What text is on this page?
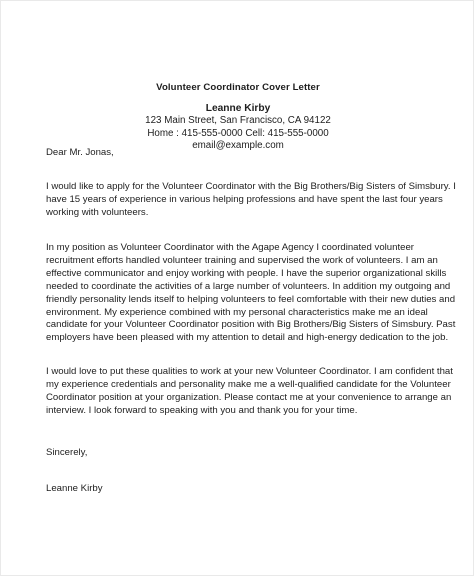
Volunteer Coordinator Cover Letter
Leanne Kirby
123 Main Street, San Francisco, CA 94122
Home : 415-555-0000 Cell: 415-555-0000
email@example.com
Dear Mr. Jonas,
I would like to apply for the Volunteer Coordinator with the Big Brothers/Big Sisters of Simsbury. I
have 15 years of experience in various helping professions and have spent the last four years
working with volunteers.
In my position as Volunteer Coordinator with the Agape Agency I coordinated volunteer
recruitment efforts handled volunteer training and supervised the work of volunteers. I am an
effective communicator and enjoy working with people. I have the superior organizational skills
needed to coordinate the activities of a large number of volunteers. In addition my outgoing and
friendly personality lends itself to helping volunteers to feel comfortable with their new duties and
environment. My experience combined with my personal characteristics make me an ideal
candidate for your Volunteer Coordinator position with Big Brothers/Big Sisters of Simsbury. Past
employers have been pleased with my attention to detail and high-energy dedication to the job.
I would love to put these qualities to work at your new Volunteer Coordinator. I am confident that
my experience credentials and personality make me a well-qualified candidate for the Volunteer
Coordinator position at your organization. Please contact me at your convenience to arrange an
interview. I look forward to speaking with you and thank you for your time.
Sincerely,
Leanne Kirby
